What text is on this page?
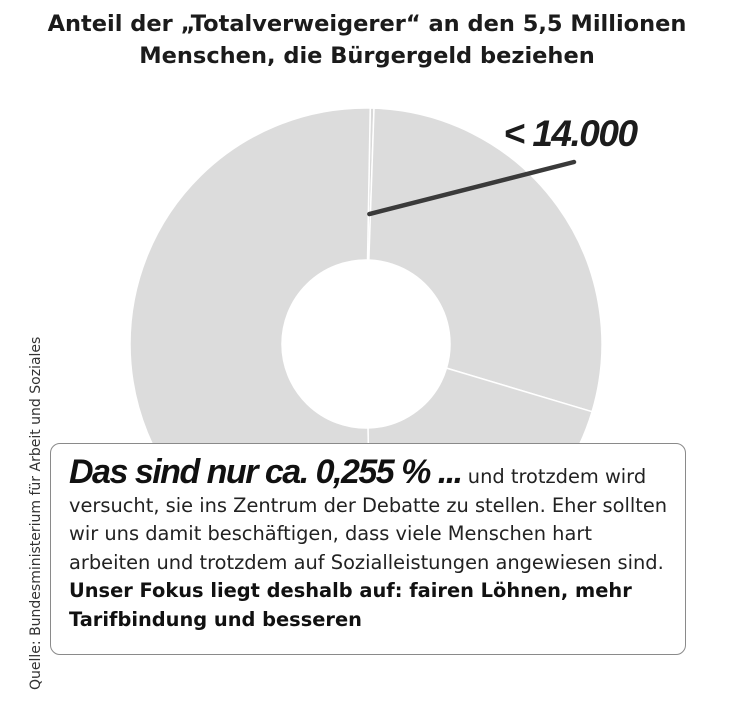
Anteil der „Totalverweigerer“ an den 5,5 Millionen
Menschen, die Bürgergeld beziehen
< 14.000
Quelle: Bundesministerium für Arbeit und Soziales Das sind nur ca. 0,255 % ... und trotzdem wird versucht, sie ins Zentrum der Debatte zu stellen. Eher sollten wir uns damit beschäftigen, dass viele Menschen hart arbeiten und trotzdem auf Sozialleistungen angewiesen sind. Unser Fokus liegt deshalb auf: fairen Löhnen, mehr Tarifbindung und besseren
